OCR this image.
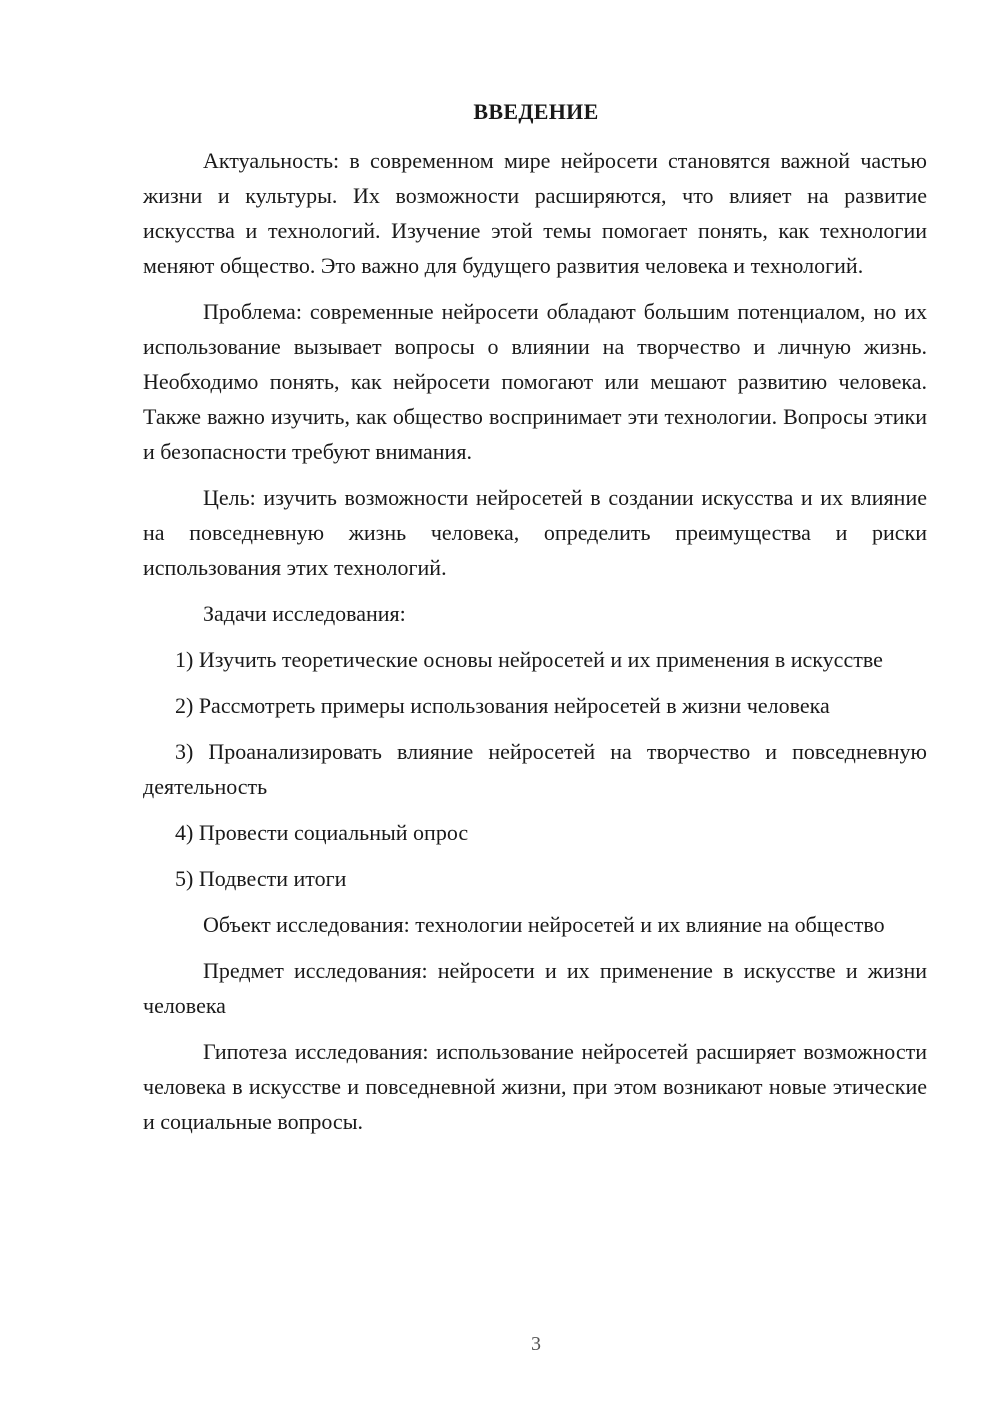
ВВЕДЕНИЕ

Актуальность: в современном мире нейросети становятся важной частью жизни и культуры. Их возможности расширяются, что влияет на развитие искусства и технологий. Изучение этой темы помогает понять, как технологии меняют общество. Это важно для будущего развития человека и технологий.

Проблема: современные нейросети обладают большим потенциалом, но их использование вызывает вопросы о влиянии на творчество и личную жизнь. Необходимо понять, как нейросети помогают или мешают развитию человека. Также важно изучить, как общество воспринимает эти технологии. Вопросы этики и безопасности требуют внимания.

Цель: изучить возможности нейросетей в создании искусства и их влияние на повседневную жизнь человека, определить преимущества и риски использования этих технологий.

Задачи исследования:

1) Изучить теоретические основы нейросетей и их применения в искусстве

2) Рассмотреть примеры использования нейросетей в жизни человека

3) Проанализировать влияние нейросетей на творчество и повседневную деятельность

4) Провести социальный опрос

5) Подвести итоги

Объект исследования: технологии нейросетей и их влияние на общество

Предмет исследования: нейросети и их применение в искусстве и жизни человека

Гипотеза исследования: использование нейросетей расширяет возможности человека в искусстве и повседневной жизни, при этом возникают новые этические и социальные вопросы.

3
